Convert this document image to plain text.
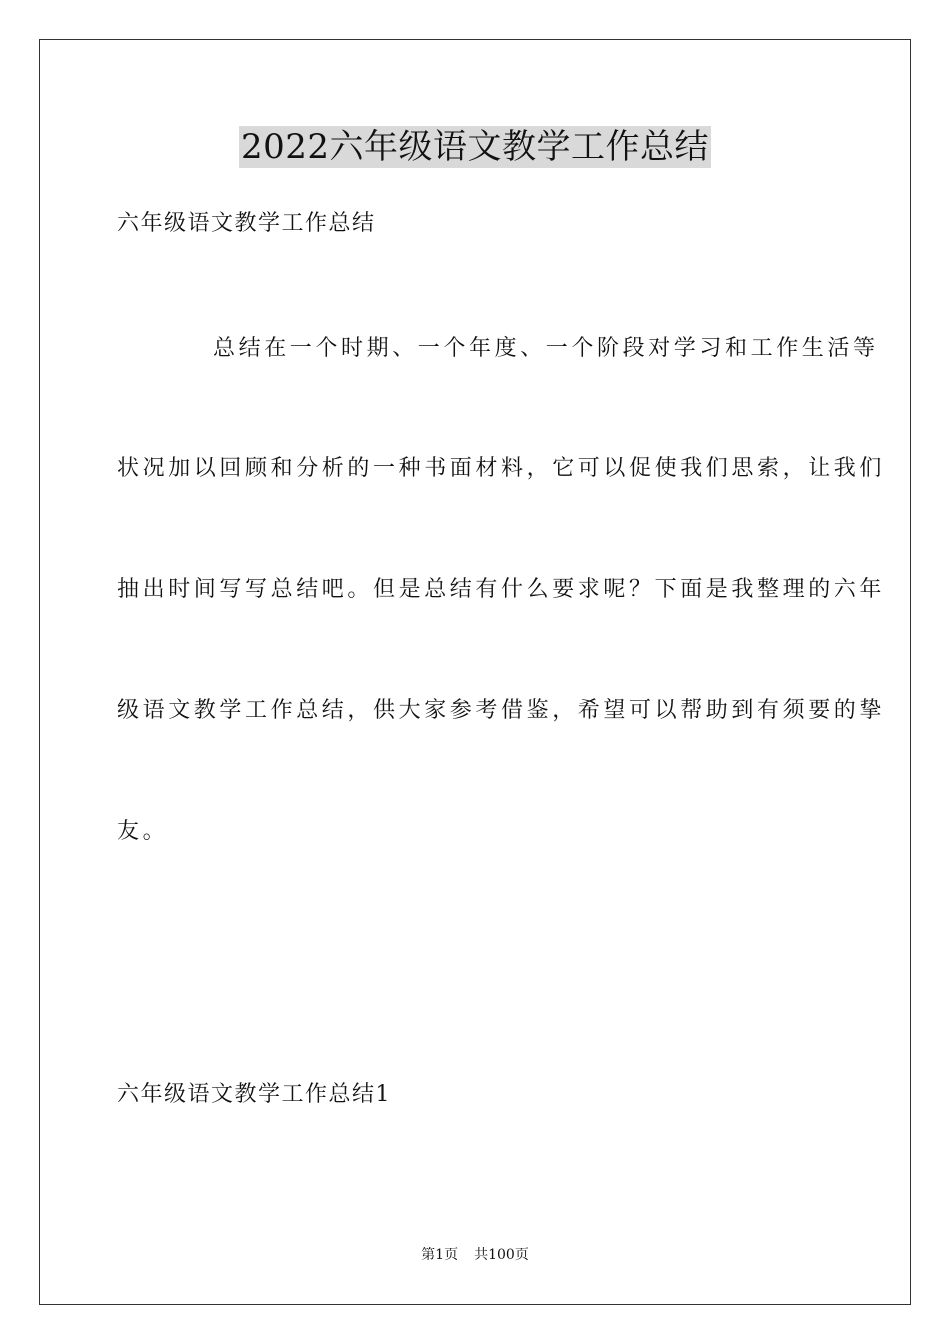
2022六年级语文教学工作总结

六年级语文教学工作总结

总结在一个时期、一个年度、一个阶段对学习和工作生活等

状况加以回顾和分析的一种书面材料，它可以促使我们思索，让我们

抽出时间写写总结吧。但是总结有什么要求呢？下面是我整理的六年

级语文教学工作总结，供大家参考借鉴，希望可以帮助到有须要的挚

友。

六年级语文教学工作总结1

第1页 共100页
